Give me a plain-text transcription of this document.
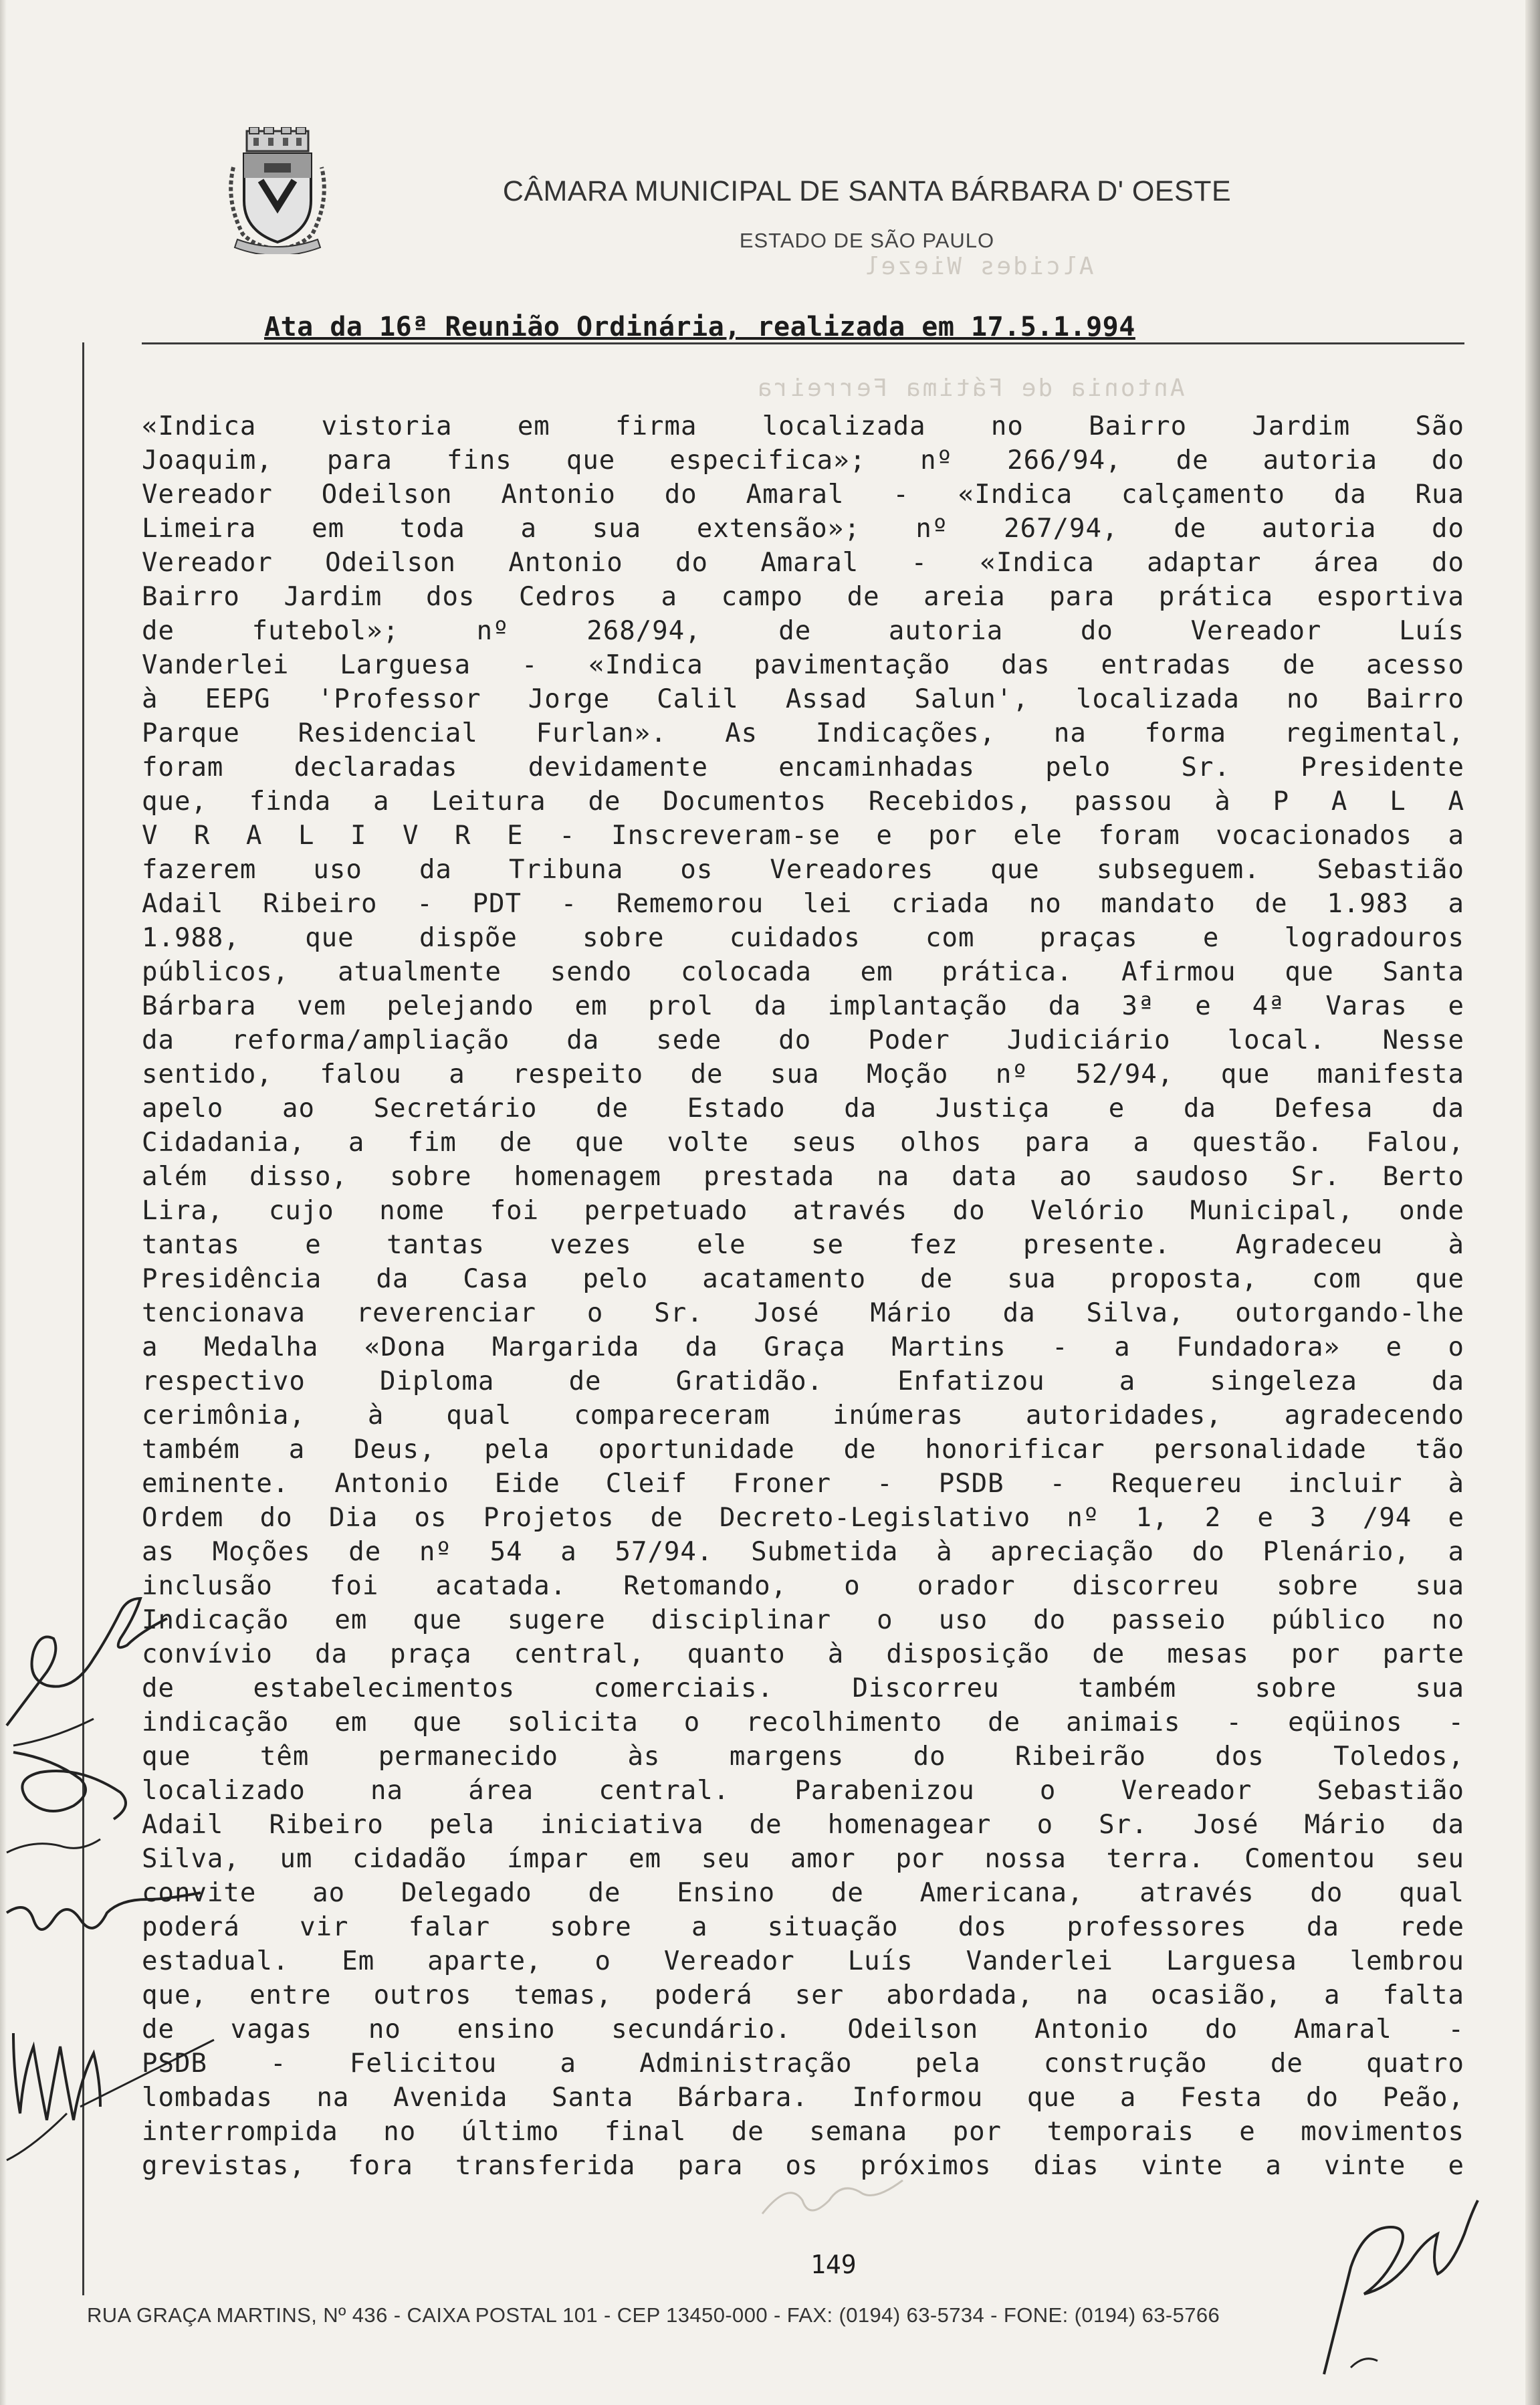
Alcides Wiezel
Antonia de Fátima Ferreira
CÂMARA MUNICIPAL DE SANTA BÁRBARA D' OESTE
ESTADO DE SÃO PAULO
Ata da 16ª Reunião Ordinária, realizada em 17.5.1.994
«Indica vistoria em firma localizada no Bairro Jardim São
Joaquim, para fins que especifica»; nº 266/94, de autoria do
Vereador Odeilson Antonio do Amaral - «Indica calçamento da Rua
Limeira em toda a sua extensão»; nº 267/94, de autoria do
Vereador Odeilson Antonio do Amaral - «Indica adaptar área do
Bairro Jardim dos Cedros a campo de areia para prática esportiva
de futebol»; nº 268/94, de autoria do Vereador Luís
Vanderlei Larguesa - «Indica pavimentação das entradas de acesso
à EEPG 'Professor Jorge Calil Assad Salun', localizada no Bairro
Parque Residencial Furlan». As Indicações, na forma regimental,
foram declaradas devidamente encaminhadas pelo Sr. Presidente
que, finda a Leitura de Documentos Recebidos, passou à P A L A
V R A L I V R E - Inscreveram-se e por ele foram vocacionados a
fazerem uso da Tribuna os Vereadores que subseguem. Sebastião
Adail Ribeiro - PDT - Rememorou lei criada no mandato de 1.983 a
1.988, que dispõe sobre cuidados com praças e logradouros
públicos, atualmente sendo colocada em prática. Afirmou que Santa
Bárbara vem pelejando em prol da implantação da 3ª e 4ª Varas e
da reforma/ampliação da sede do Poder Judiciário local. Nesse
sentido, falou a respeito de sua Moção nº 52/94, que manifesta
apelo ao Secretário de Estado da Justiça e da Defesa da
Cidadania, a fim de que volte seus olhos para a questão. Falou,
além disso, sobre homenagem prestada na data ao saudoso Sr. Berto
Lira, cujo nome foi perpetuado através do Velório Municipal, onde
tantas e tantas vezes ele se fez presente. Agradeceu à
Presidência da Casa pelo acatamento de sua proposta, com que
tencionava reverenciar o Sr. José Mário da Silva, outorgando-lhe
a Medalha «Dona Margarida da Graça Martins - a Fundadora» e o
respectivo Diploma de Gratidão. Enfatizou a singeleza da
cerimônia, à qual compareceram inúmeras autoridades, agradecendo
também a Deus, pela oportunidade de honorificar personalidade tão
eminente. Antonio Eide Cleif Froner - PSDB - Requereu incluir à
Ordem do Dia os Projetos de Decreto-Legislativo nº 1, 2 e 3 /94 e
as Moções de nº 54 a 57/94. Submetida à apreciação do Plenário, a
inclusão foi acatada. Retomando, o orador discorreu sobre sua
Indicação em que sugere disciplinar o uso do passeio público no
convívio da praça central, quanto à disposição de mesas por parte
de estabelecimentos comerciais. Discorreu também sobre sua
indicação em que solicita o recolhimento de animais - eqüinos -
que têm permanecido às margens do Ribeirão dos Toledos,
localizado na área central. Parabenizou o Vereador Sebastião
Adail Ribeiro pela iniciativa de homenagear o Sr. José Mário da
Silva, um cidadão ímpar em seu amor por nossa terra. Comentou seu
convite ao Delegado de Ensino de Americana, através do qual
poderá vir falar sobre a situação dos professores da rede
estadual. Em aparte, o Vereador Luís Vanderlei Larguesa lembrou
que, entre outros temas, poderá ser abordada, na ocasião, a falta
de vagas no ensino secundário. Odeilson Antonio do Amaral -
PSDB - Felicitou a Administração pela construção de quatro
lombadas na Avenida Santa Bárbara. Informou que a Festa do Peão,
interrompida no último final de semana por temporais e movimentos
grevistas, fora transferida para os próximos dias vinte a vinte e
149
RUA GRAÇA MARTINS, Nº 436 - CAIXA POSTAL 101 - CEP 13450-000 - FAX: (0194) 63-5734 - FONE: (0194) 63-5766
